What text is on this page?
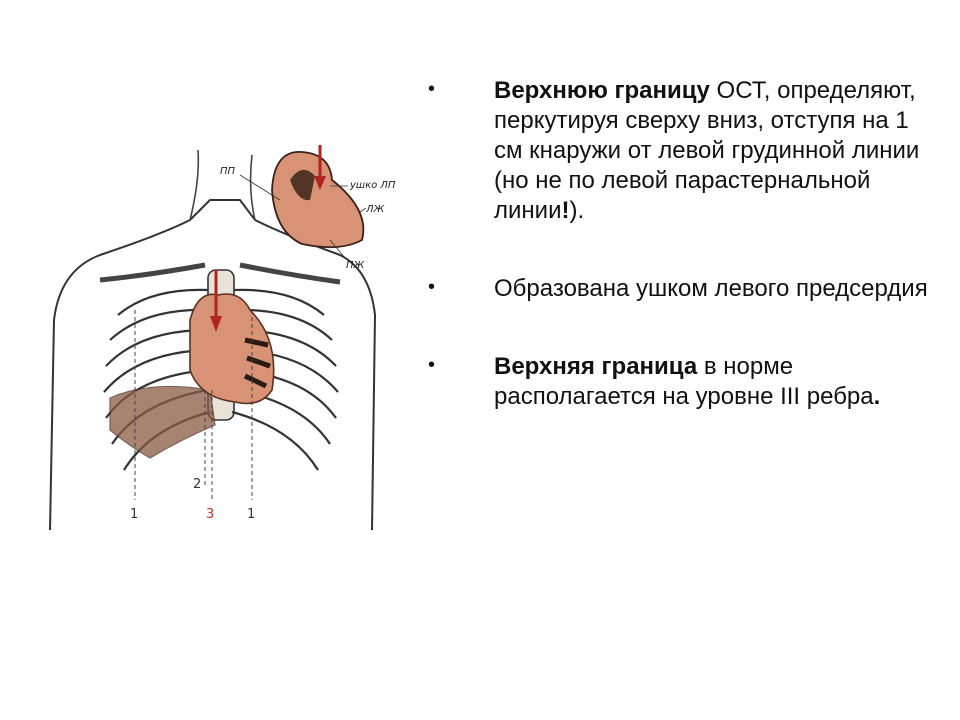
1
2
3	1
ПП
ушко ЛП
ЛЖ
ПЖ
• Верхнюю границу ОСТ, определяют, перкутируя сверху вниз, отступя на 1 см кнаружи от левой грудинной линии (но не по левой парастернальной линии!).
• Образована ушком левого предсердия
• Верхняя граница в норме располагается на уровне III ребра.
